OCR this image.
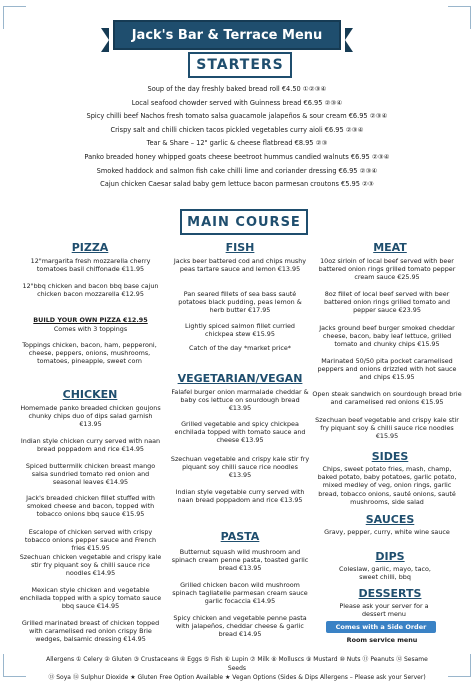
Jack's Bar & Terrace Menu
STARTERS
Soup of the day freshly baked bread roll €4.50 ①②③④
Local seafood chowder served with Guinness bread €6.95 ②③④
Spicy chilli beef Nachos fresh tomato salsa guacamole jalapeños & sour cream €6.95 ②③④
Crispy salt and chilli chicken tacos pickled vegetables curry aioli €6.95 ②③④
Tear & Share – 12" garlic & cheese flatbread €8.95 ②③
Panko breaded honey whipped goats cheese beetroot hummus candied walnuts €6.95 ②③④
Smoked haddock and salmon fish cake chilli lime and coriander dressing €6.95 ②③④
Cajun chicken Caesar salad baby gem lettuce bacon parmesan croutons €5.95 ②③
MAIN COURSE
PIZZA
12"margarita fresh mozzarella cherry tomatoes basil chiffonade €11.95
12"bbq chicken and bacon bbq base cajun chicken bacon mozzarella €12.95
BUILD YOUR OWN PIZZA €12.95
Comes with 3 toppings
Toppings chicken, bacon, ham, pepperoni, cheese, peppers, onions, mushrooms, tomatoes, pineapple, sweet corn
CHICKEN
Homemade panko breaded chicken goujons chunky chips duo of dips salad garnish €13.95
Indian style chicken curry served with naan bread poppadom and rice €14.95
Spiced buttermilk chicken breast mango salsa sundried tomato red onion and seasonal leaves €14.95
Jack's breaded chicken fillet stuffed with smoked cheese and bacon, topped with tobacco onions bbq sauce €15.95
Escalope of chicken served with crispy tobacco onions pepper sauce and French fries €15.95
Szechuan chicken vegetable and crispy kale stir fry piquant soy & chilli sauce rice noodles €14.95
Mexican style chicken and vegetable enchilada topped with a spicy tomato sauce bbq sauce €14.95
Grilled marinated breast of chicken topped with caramelised red onion crispy Brie wedges, balsamic dressing €14.95
FISH
Jacks beer battered cod and chips mushy peas tartare sauce and lemon €13.95
Pan seared fillets of sea bass sauté potatoes black pudding, peas lemon & herb butter €17.95
Lightly spiced salmon fillet curried chickpea stew €15.95
Catch of the day *market price*
VEGETARIAN/VEGAN
Falafel burger onion marmalade cheddar & baby cos lettuce on sourdough bread €13.95
Grilled vegetable and spicy chickpea enchilada topped with tomato sauce and cheese €13.95
Szechuan vegetable and crispy kale stir fry piquant soy chilli sauce rice noodles €13.95
Indian style vegetable curry served with naan bread poppadom and rice €13.95
PASTA
Butternut squash wild mushroom and spinach cream penne pasta, toasted garlic bread €13.95
Grilled chicken bacon wild mushroom spinach tagliatelle parmesan cream sauce garlic focaccia €14.95
Spicy chicken and vegetable penne pasta with jalapeños, cheddar cheese & garlic bread €14.95
MEAT
10oz sirloin of local beef served with beer battered onion rings grilled tomato pepper cream sauce €25.95
8oz fillet of local beef served with beer battered onion rings grilled tomato and pepper sauce €23.95
Jacks ground beef burger smoked cheddar cheese, bacon, baby leaf lettuce, grilled tomato and chunky chips €15.95
Marinated 50/50 pita pocket caramelised peppers and onions drizzled with hot sauce and chips €15.95
Open steak sandwich on sourdough bread brie and caramelised red onions €15.95
Szechuan beef vegetable and crispy kale stir fry piquant soy & chilli sauce rice noodles €15.95
SIDES
Chips, sweet potato fries, mash, champ, baked potato, baby potatoes, garlic potato, mixed medley of veg, onion rings, garlic bread, tobacco onions, sauté onions, sauté mushrooms, side salad
SAUCES
Gravy, pepper, curry, white wine sauce
DIPS
Coleslaw, garlic, mayo, taco, sweet chilli, bbq
DESSERTS
Please ask your server for a dessert menu
Comes with a Side Order
Room service menu
Allergens ① Celery ② Gluten ③ Crustaceans ④ Eggs ⑤ Fish ⑥ Lupin ⑦ Milk ⑧ Molluscs ⑨ Mustard ⑩ Nuts ⑪ Peanuts ⑫ Sesame Seeds
⑬ Soya ⑭ Sulphur Dioxide ★ Gluten Free Option Available ★ Vegan Options (Sides & Dips Allergens – Please ask your Server)
